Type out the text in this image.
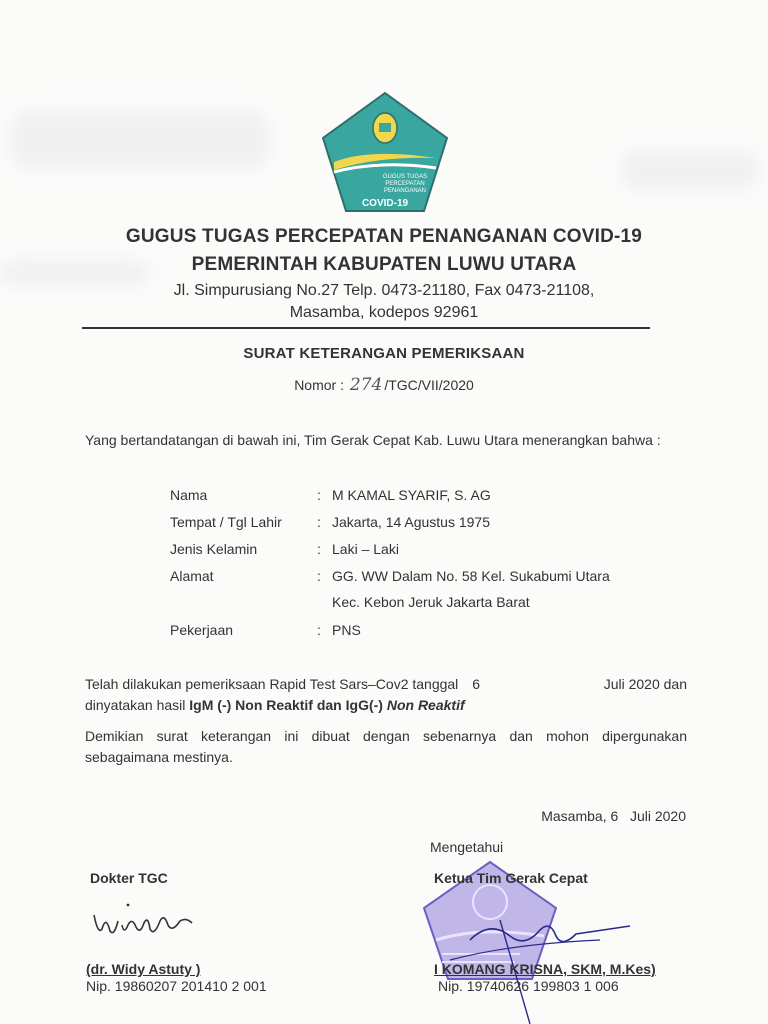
GUGUS TUGAS
PERCEPATAN
PENANGANAN
COVID-19
GUGUS TUGAS PERCEPATAN PENANGANAN COVID-19
PEMERINTAH KABUPATEN LUWU UTARA
Jl. Simpurusiang No.27 Telp. 0473-21180, Fax 0473-21108,
Masamba, kodepos 92961
SURAT KETERANGAN PEMERIKSAAN
Nomor : 274 /TGC/VII/2020
Yang bertandatangan di bawah ini, Tim Gerak Cepat Kab. Luwu Utara menerangkan bahwa :
Nama	: M KAMAL SYARIF, S. AG
Tempat / Tgl Lahir	: Jakarta, 14 Agustus 1975
Jenis Kelamin	: Laki – Laki
Alamat	: GG. WW Dalam No. 58 Kel. Sukabumi Utara
Kec. Kebon Jeruk Jakarta Barat
Pekerjaan	: PNS
Telah dilakukan pemeriksaan Rapid Test Sars–Cov2 tanggal 6	Juli 2020 dan
dinyatakan hasil IgM (-) Non Reaktif dan IgG(-) Non Reaktif
Demikian surat keterangan ini dibuat dengan sebenarnya dan mohon dipergunakan sebagaimana mestinya.
Masamba, 6 Juli 2020
Mengetahui
Dokter TGC	Ketua Tim Gerak Cepat
(dr. Widy Astuty )
Nip. 19860207 201410 2 001
I KOMANG KRISNA, SKM, M.Kes)
Nip. 19740626 199803 1 006
